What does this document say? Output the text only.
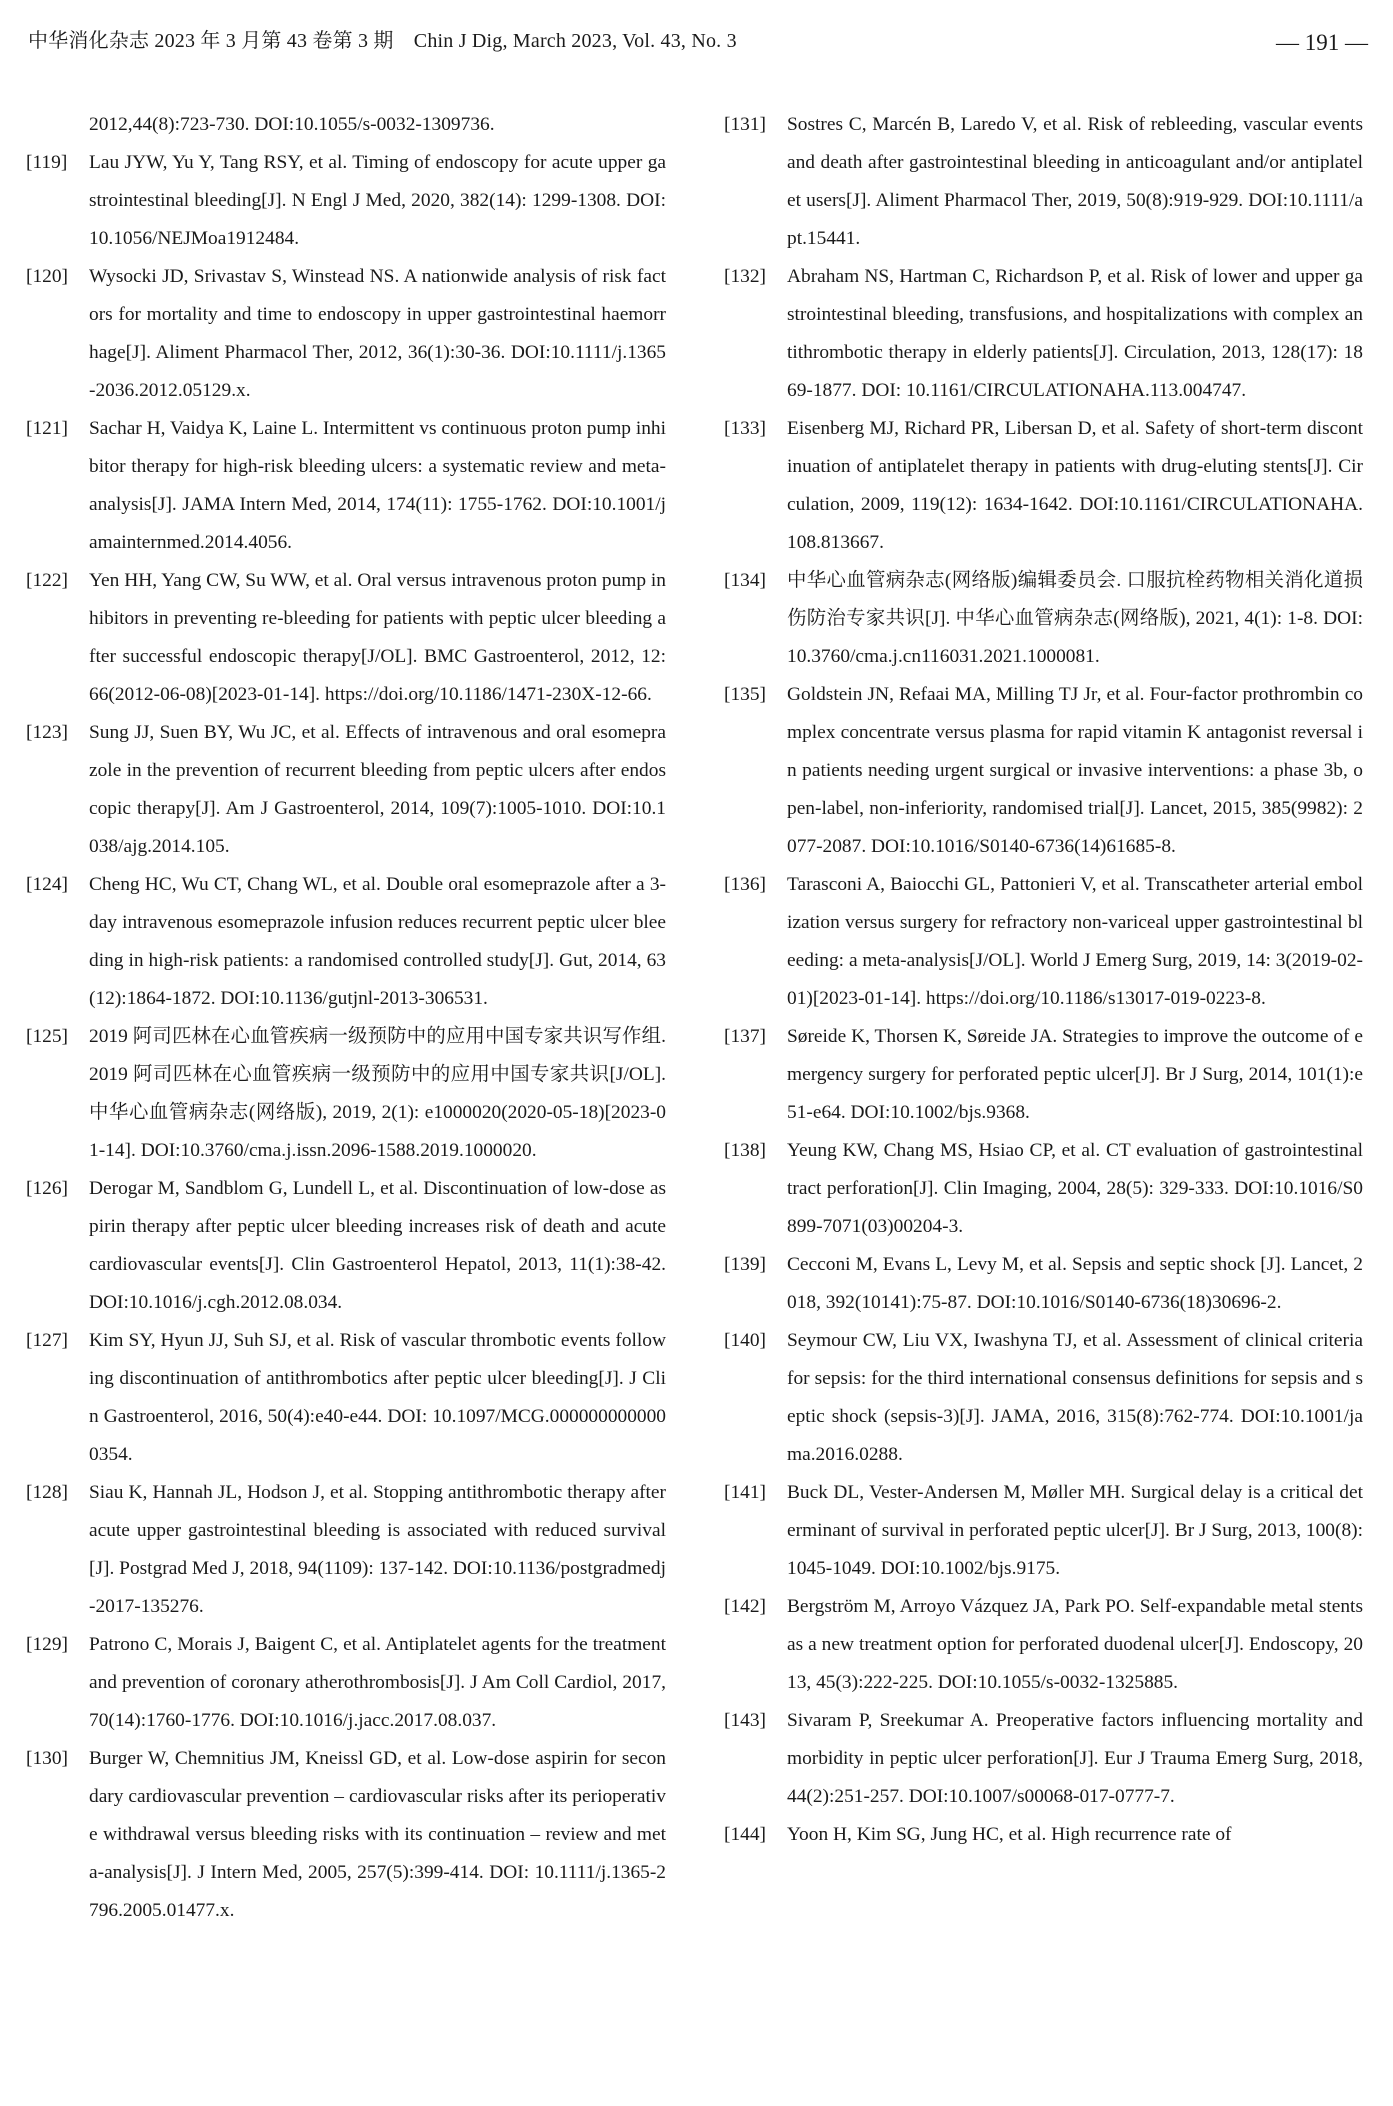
中华消化杂志 2023 年 3 月第 43 卷第 3 期　Chin J Dig, March 2023, Vol. 43, No. 3	— 191 —
2012,44(8):723-730. DOI:10.1055/s-0032-1309736.
[119]	Lau JYW, Yu Y, Tang RSY, et al. Timing of endoscopy for acute upper gastrointestinal bleeding[J]. N Engl J Med, 2020, 382(14): 1299-1308. DOI:10.1056/NEJMoa1912484.
[120]	Wysocki JD, Srivastav S, Winstead NS. A nationwide analysis of risk factors for mortality and time to endoscopy in upper gastrointestinal haemorrhage[J]. Aliment Pharmacol Ther, 2012, 36(1):30-36. DOI:10.1111/j.1365-2036.2012.05129.x.
[121]	Sachar H, Vaidya K, Laine L. Intermittent vs continuous proton pump inhibitor therapy for high-risk bleeding ulcers: a systematic review and meta-analysis[J]. JAMA Intern Med, 2014, 174(11): 1755-1762. DOI:10.1001/jamainternmed.2014.4056.
[122]	Yen HH, Yang CW, Su WW, et al. Oral versus intravenous proton pump inhibitors in preventing re-bleeding for patients with peptic ulcer bleeding after successful endoscopic therapy[J/OL]. BMC Gastroenterol, 2012, 12: 66(2012-06-08)[2023-01-14]. https://doi.org/10.1186/1471-230X-12-66.
[123]	Sung JJ, Suen BY, Wu JC, et al. Effects of intravenous and oral esomeprazole in the prevention of recurrent bleeding from peptic ulcers after endoscopic therapy[J]. Am J Gastroenterol, 2014, 109(7):1005-1010. DOI:10.1038/ajg.2014.105.
[124]	Cheng HC, Wu CT, Chang WL, et al. Double oral esomeprazole after a 3-day intravenous esomeprazole infusion reduces recurrent peptic ulcer bleeding in high-risk patients: a randomised controlled study[J]. Gut, 2014, 63(12):1864-1872. DOI:10.1136/gutjnl-2013-306531.
[125]	2019 阿司匹林在心血管疾病一级预防中的应用中国专家共识写作组. 2019 阿司匹林在心血管疾病一级预防中的应用中国专家共识[J/OL]. 中华心血管病杂志(网络版), 2019, 2(1): e1000020(2020-05-18)[2023-01-14]. DOI:10.3760/cma.j.issn.2096-1588.2019.1000020.
[126]	Derogar M, Sandblom G, Lundell L, et al. Discontinuation of low-dose aspirin therapy after peptic ulcer bleeding increases risk of death and acute cardiovascular events[J]. Clin Gastroenterol Hepatol, 2013, 11(1):38-42. DOI:10.1016/j.cgh.2012.08.034.
[127]	Kim SY, Hyun JJ, Suh SJ, et al. Risk of vascular thrombotic events following discontinuation of antithrombotics after peptic ulcer bleeding[J]. J Clin Gastroenterol, 2016, 50(4):e40-e44. DOI: 10.1097/MCG.0000000000000354.
[128]	Siau K, Hannah JL, Hodson J, et al. Stopping antithrombotic therapy after acute upper gastrointestinal bleeding is associated with reduced survival[J]. Postgrad Med J, 2018, 94(1109): 137-142. DOI:10.1136/postgradmedj-2017-135276.
[129]	Patrono C, Morais J, Baigent C, et al. Antiplatelet agents for the treatment and prevention of coronary atherothrombosis[J]. J Am Coll Cardiol, 2017, 70(14):1760-1776. DOI:10.1016/j.jacc.2017.08.037.
[130]	Burger W, Chemnitius JM, Kneissl GD, et al. Low-dose aspirin for secondary cardiovascular prevention – cardiovascular risks after its perioperative withdrawal versus bleeding risks with its continuation – review and meta-analysis[J]. J Intern Med, 2005, 257(5):399-414. DOI: 10.1111/j.1365-2796.2005.01477.x.
[131]	Sostres C, Marcén B, Laredo V, et al. Risk of rebleeding, vascular events and death after gastrointestinal bleeding in anticoagulant and/or antiplatelet users[J]. Aliment Pharmacol Ther, 2019, 50(8):919-929. DOI:10.1111/apt.15441.
[132]	Abraham NS, Hartman C, Richardson P, et al. Risk of lower and upper gastrointestinal bleeding, transfusions, and hospitalizations with complex antithrombotic therapy in elderly patients[J]. Circulation, 2013, 128(17): 1869-1877. DOI: 10.1161/CIRCULATIONAHA.113.004747.
[133]	Eisenberg MJ, Richard PR, Libersan D, et al. Safety of short-term discontinuation of antiplatelet therapy in patients with drug-eluting stents[J]. Circulation, 2009, 119(12): 1634-1642. DOI:10.1161/CIRCULATIONAHA.108.813667.
[134]	中华心血管病杂志(网络版)编辑委员会. 口服抗栓药物相关消化道损伤防治专家共识[J]. 中华心血管病杂志(网络版), 2021, 4(1): 1-8. DOI:10.3760/cma.j.cn116031.2021.1000081.
[135]	Goldstein JN, Refaai MA, Milling TJ Jr, et al. Four-factor prothrombin complex concentrate versus plasma for rapid vitamin K antagonist reversal in patients needing urgent surgical or invasive interventions: a phase 3b, open-label, non-inferiority, randomised trial[J]. Lancet, 2015, 385(9982): 2077-2087. DOI:10.1016/S0140-6736(14)61685-8.
[136]	Tarasconi A, Baiocchi GL, Pattonieri V, et al. Transcatheter arterial embolization versus surgery for refractory non-variceal upper gastrointestinal bleeding: a meta-analysis[J/OL]. World J Emerg Surg, 2019, 14: 3(2019-02-01)[2023-01-14]. https://doi.org/10.1186/s13017-019-0223-8.
[137]	Søreide K, Thorsen K, Søreide JA. Strategies to improve the outcome of emergency surgery for perforated peptic ulcer[J]. Br J Surg, 2014, 101(1):e51-e64. DOI:10.1002/bjs.9368.
[138]	Yeung KW, Chang MS, Hsiao CP, et al. CT evaluation of gastrointestinal tract perforation[J]. Clin Imaging, 2004, 28(5): 329-333. DOI:10.1016/S0899-7071(03)00204-3.
[139]	Cecconi M, Evans L, Levy M, et al. Sepsis and septic shock [J]. Lancet, 2018, 392(10141):75-87. DOI:10.1016/S0140-6736(18)30696-2.
[140]	Seymour CW, Liu VX, Iwashyna TJ, et al. Assessment of clinical criteria for sepsis: for the third international consensus definitions for sepsis and septic shock (sepsis-3)[J]. JAMA, 2016, 315(8):762-774. DOI:10.1001/jama.2016.0288.
[141]	Buck DL, Vester-Andersen M, Møller MH. Surgical delay is a critical determinant of survival in perforated peptic ulcer[J]. Br J Surg, 2013, 100(8):1045-1049. DOI:10.1002/bjs.9175.
[142]	Bergström M, Arroyo Vázquez JA, Park PO. Self-expandable metal stents as a new treatment option for perforated duodenal ulcer[J]. Endoscopy, 2013, 45(3):222-225. DOI:10.1055/s-0032-1325885.
[143]	Sivaram P, Sreekumar A. Preoperative factors influencing mortality and morbidity in peptic ulcer perforation[J]. Eur J Trauma Emerg Surg, 2018, 44(2):251-257. DOI:10.1007/s00068-017-0777-7.
[144]	Yoon H, Kim SG, Jung HC, et al. High recurrence rate of
